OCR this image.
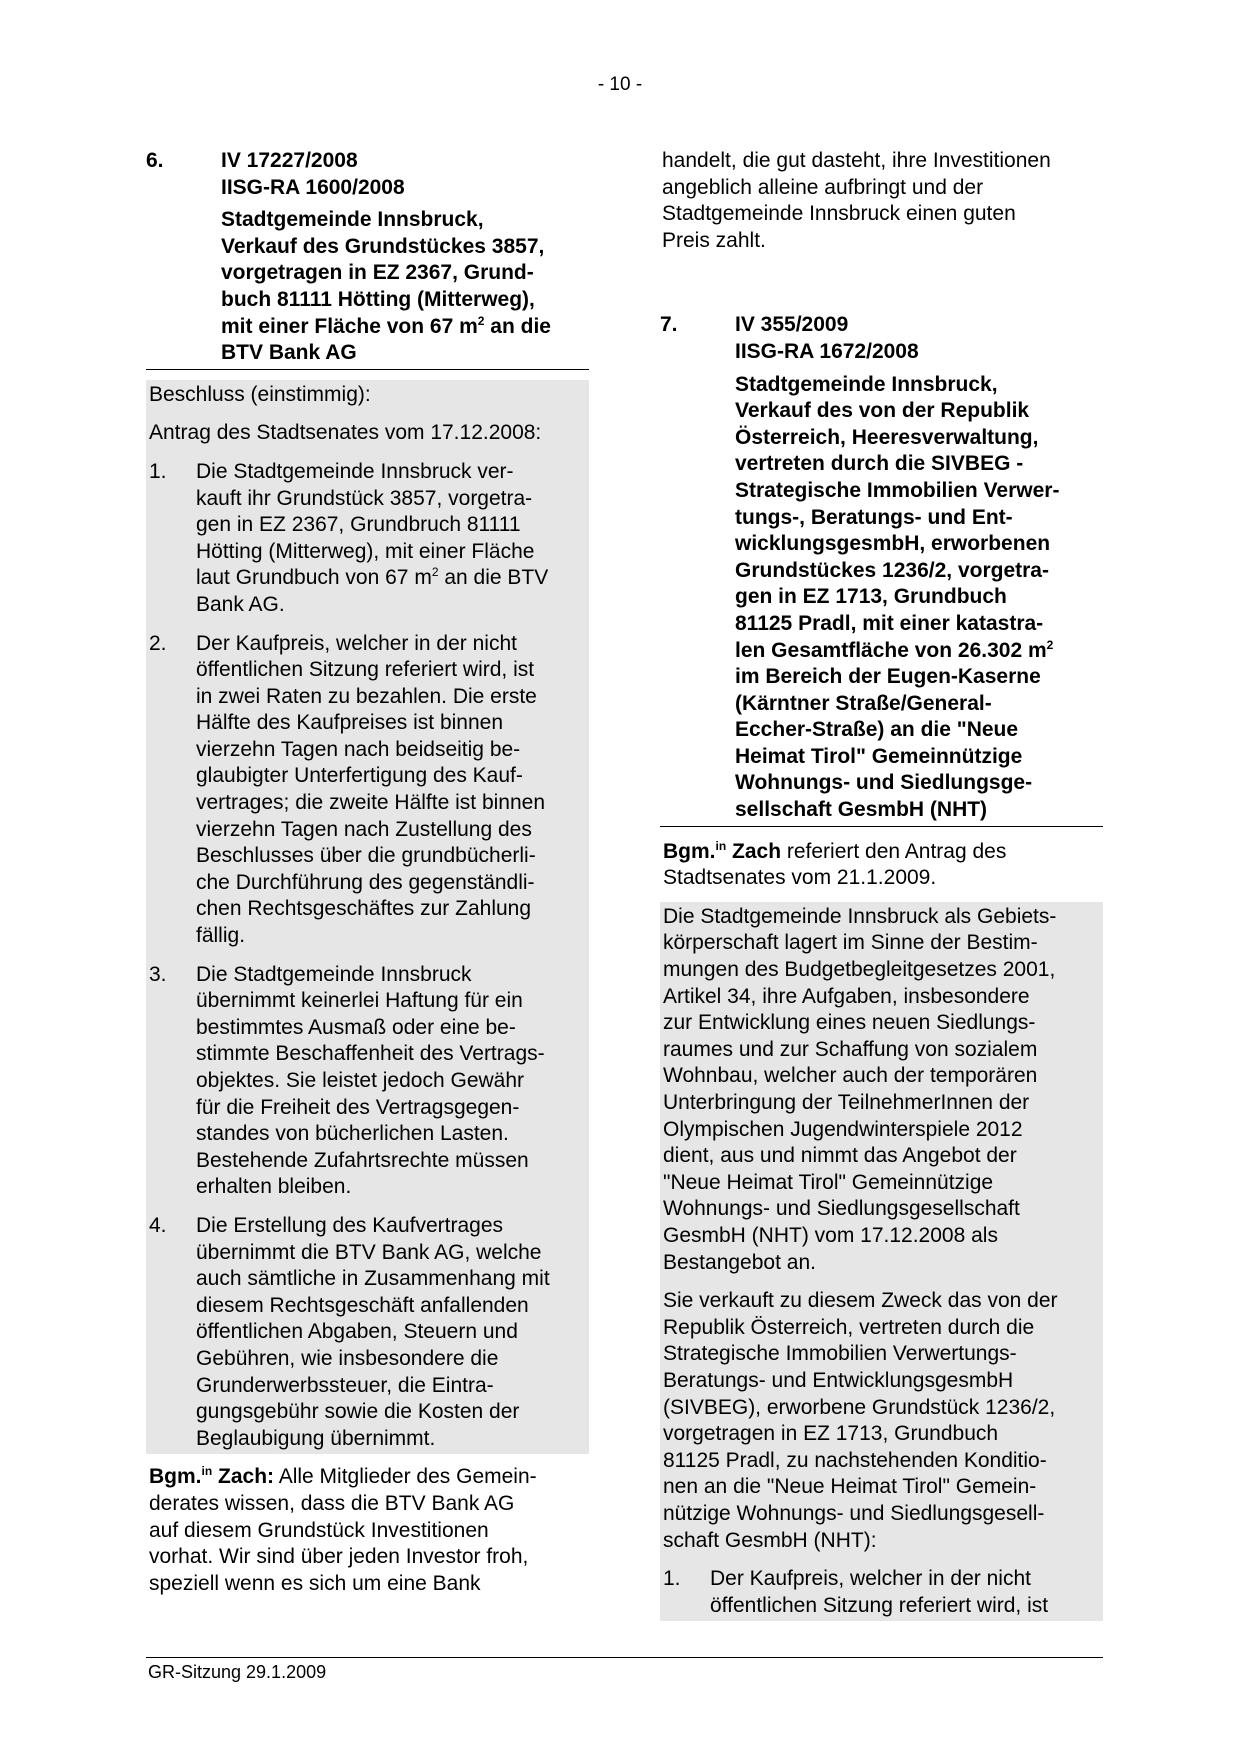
- 10 -
6.	IV 17227/2008
IISG-RA 1600/2008
Stadtgemeinde Innsbruck,
Verkauf des Grundstückes 3857,
vorgetragen in EZ 2367, Grund-
buch 81111 Hötting (Mitterweg),
mit einer Fläche von 67 $m^2$ an die
BTV Bank AG

Beschluss (einstimmig):

Antrag des Stadtsenates vom 17.12.2008:

1.	Die Stadtgemeinde Innsbruck ver-
kauft ihr Grundstück 3857, vorgetra-
gen in EZ 2367, Grundbruch 81111
Hötting (Mitterweg), mit einer Fläche
laut Grundbuch von 67 $m^2$ an die BTV
Bank AG.
2.	Der Kaufpreis, welcher in der nicht
öffentlichen Sitzung referiert wird, ist
in zwei Raten zu bezahlen. Die erste
Hälfte des Kaufpreises ist binnen
vierzehn Tagen nach beidseitig be-
glaubigter Unterfertigung des Kauf-
vertrages; die zweite Hälfte ist binnen
vierzehn Tagen nach Zustellung des
Beschlusses über die grundbücherli-
che Durchführung des gegenständli-
chen Rechtsgeschäftes zur Zahlung
fällig.
3.	Die Stadtgemeinde Innsbruck
übernimmt keinerlei Haftung für ein
bestimmtes Ausmaß oder eine be-
stimmte Beschaffenheit des Vertrags-
objektes. Sie leistet jedoch Gewähr
für die Freiheit des Vertragsgegen-
standes von bücherlichen Lasten.
Bestehende Zufahrtsrechte müssen
erhalten bleiben.
4.	Die Erstellung des Kaufvertrages
übernimmt die BTV Bank AG, welche
auch sämtliche in Zusammenhang mit
diesem Rechtsgeschäft anfallenden
öffentlichen Abgaben, Steuern und
Gebühren, wie insbesondere die
Grunderwerbssteuer, die Eintra-
gungsgebühr sowie die Kosten der
Beglaubigung übernimmt.
Bgm.$^{in}$ Zach: Alle Mitglieder des Gemein-
derates wissen, dass die BTV Bank AG
auf diesem Grundstück Investitionen
vorhat. Wir sind über jeden Investor froh,
speziell wenn es sich um eine Bank
handelt, die gut dasteht, ihre Investitionen
angeblich alleine aufbringt und der
Stadtgemeinde Innsbruck einen guten
Preis zahlt.
7.	IV 355/2009
IISG-RA 1672/2008
Stadtgemeinde Innsbruck,
Verkauf des von der Republik
Österreich, Heeresverwaltung,
vertreten durch die SIVBEG -
Strategische Immobilien Verwer-
tungs-, Beratungs- und Ent-
wicklungsgesmbH, erworbenen
Grundstückes 1236/2, vorgetra-
gen in EZ 1713, Grundbuch
81125 Pradl, mit einer katastra-
len Gesamtfläche von 26.302 $m^2$
im Bereich der Eugen-Kaserne
(Kärntner Straße/General-
Eccher-Straße) an die "Neue
Heimat Tirol" Gemeinnützige
Wohnungs- und Siedlungsge-
sellschaft GesmbH (NHT)
Bgm.$^{in}$ Zach referiert den Antrag des
Stadtsenates vom 21.1.2009.

Die Stadtgemeinde Innsbruck als Gebiets-
körperschaft lagert im Sinne der Bestim-
mungen des Budgetbegleitgesetzes 2001,
Artikel 34, ihre Aufgaben, insbesondere
zur Entwicklung eines neuen Siedlungs-
raumes und zur Schaffung von sozialem
Wohnbau, welcher auch der temporären
Unterbringung der TeilnehmerInnen der
Olympischen Jugendwinterspiele 2012
dient, aus und nimmt das Angebot der
"Neue Heimat Tirol" Gemeinnützige
Wohnungs- und Siedlungsgesellschaft
GesmbH (NHT) vom 17.12.2008 als
Bestangebot an.

Sie verkauft zu diesem Zweck das von der
Republik Österreich, vertreten durch die
Strategische Immobilien Verwertungs-
Beratungs- und EntwicklungsgesmbH
(SIVBEG), erworbene Grundstück 1236/2,
vorgetragen in EZ 1713, Grundbuch
81125 Pradl, zu nachstehenden Konditio-
nen an die "Neue Heimat Tirol" Gemein-
nützige Wohnungs- und Siedlungsgesell-
schaft GesmbH (NHT):

1.	Der Kaufpreis, welcher in der nicht
öffentlichen Sitzung referiert wird, ist
GR-Sitzung 29.1.2009
